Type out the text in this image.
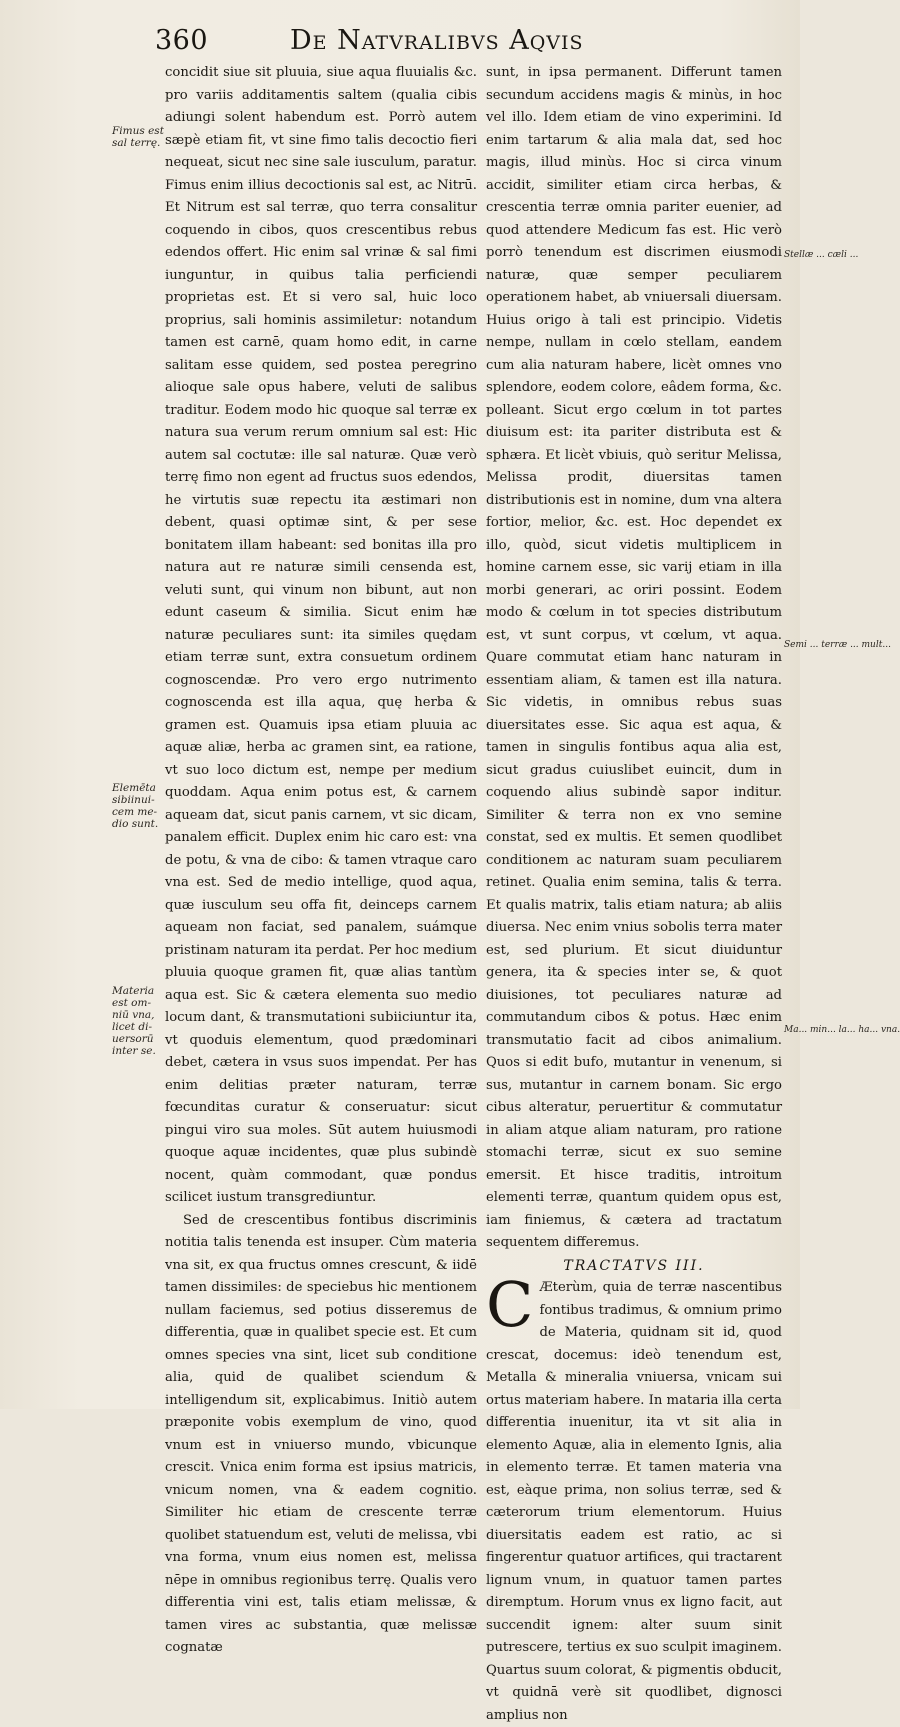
360	De Natvralibvs Aqvis
Fimus est sal terrę.
Elemēta sibiinui- cem me- dio sunt.
Materia est om- niū vna, licet di- uersorū inter se.
Stellæ ... cæli ...
Semi ... terræ ... mult...
Ma... min... la... ha... vna.

concidit siue sit pluuia, siue aqua fluuialis &c. pro variis additamentis saltem (qualia cibis adiungi solent habendum est. Porrò autem sæpè etiam fit, vt sine fimo talis decoctio fieri nequeat, sicut nec sine sale iusculum, paratur. Fimus enim illius decoctionis sal est, ac Nitrū. Et Nitrum est sal terræ, quo terra consalitur coquendo in cibos, quos crescentibus rebus edendos offert. Hic enim sal vrinæ & sal fimi iunguntur, in quibus talia perficiendi proprietas est. Et si vero sal, huic loco proprius, sali hominis assimiletur: notandum tamen est carnē, quam homo edit, in carne salitam esse quidem, sed postea peregrino alioque sale opus habere, veluti de salibus traditur. Eodem modo hic quoque sal terræ ex natura sua verum rerum omnium sal est: Hic autem sal coctutæ: ille sal naturæ. Quæ verò terrę fimo non egent ad fructus suos edendos, he virtutis suæ repectu ita æstimari non debent, quasi optimæ sint, & per sese bonitatem illam habeant: sed bonitas illa pro natura aut re naturæ simili censenda est, veluti sunt, qui vinum non bibunt, aut non edunt caseum & similia. Sicut enim hæ naturæ peculiares sunt: ita similes quędam etiam terræ sunt, extra consuetum ordinem cognoscendæ. Pro vero ergo nutrimento cognoscenda est illa aqua, quę herba & gramen est. Quamuis ipsa etiam pluuia ac aquæ aliæ, herba ac gramen sint, ea ratione, vt suo loco dictum est, nempe per medium quoddam. Aqua enim potus est, & carnem aqueam dat, sicut panis carnem, vt sic dicam, panalem efficit. Duplex enim hic caro est: vna de potu, & vna de cibo: & tamen vtraque caro vna est. Sed de medio intellige, quod aqua, quæ iusculum seu offa fit, deinceps carnem aqueam non faciat, sed panalem, suámque pristinam naturam ita perdat. Per hoc medium pluuia quoque gramen fit, quæ alias tantùm aqua est. Sic & cætera elementa suo medio locum dant, & transmutationi subiiciuntur ita, vt quoduis elementum, quod prædominari debet, cætera in vsus suos impendat. Per has enim delitias præter naturam, terræ fœcunditas curatur & conseruatur: sicut pingui viro sua moles. Sūt autem huiusmodi quoque aquæ incidentes, quæ plus subindè nocent, quàm commodant, quæ pondus scilicet iustum transgrediuntur.

Sed de crescentibus fontibus discriminis notitia talis tenenda est insuper. Cùm materia vna sit, ex qua fructus omnes crescunt, & iidē tamen dissimiles: de speciebus hic mentionem nullam faciemus, sed potius disseremus de differentia, quæ in qualibet specie est. Et cum omnes species vna sint, licet sub conditione alia, quid de qualibet sciendum & intelligendum sit, explicabimus. Initiò autem præponite vobis exemplum de vino, quod vnum est in vniuerso mundo, vbicunque crescit. Vnica enim forma est ipsius matricis, vnicum nomen, vna & eadem cognitio. Similiter hic etiam de crescente terræ quolibet statuendum est, veluti de melissa, vbi vna forma, vnum eius nomen est, melissa nēpe in omnibus regionibus terrę. Qualis vero differentia vini est, talis etiam melissæ, & tamen vires ac substantia, quæ melissæ cognatæ

sunt, in ipsa permanent. Differunt tamen secundum accidens magis & minùs, in hoc vel illo. Idem etiam de vino experimini. Id enim tartarum & alia mala dat, sed hoc magis, illud minùs. Hoc si circa vinum accidit, similiter etiam circa herbas, & crescentia terræ omnia pariter euenier, ad quod attendere Medicum fas est. Hic verò porrò tenendum est discrimen eiusmodi naturæ, quæ semper peculiarem operationem habet, ab vniuersali diuersam. Huius origo à tali est principio. Videtis nempe, nullam in cœlo stellam, eandem cum alia naturam habere, licèt omnes vno splendore, eodem colore, eâdem forma, &c. polleant. Sicut ergo cœlum in tot partes diuisum est: ita pariter distributa est & sphæra. Et licèt vbiuis, quò seritur Melissa, Melissa prodit, diuersitas tamen distributionis est in nomine, dum vna altera fortior, melior, &c. est. Hoc dependet ex illo, quòd, sicut videtis multiplicem in homine carnem esse, sic varij etiam in illa morbi generari, ac oriri possint. Eodem modo & cœlum in tot species distributum est, vt sunt corpus, vt cœlum, vt aqua. Quare commutat etiam hanc naturam in essentiam aliam, & tamen est illa natura. Sic videtis, in omnibus rebus suas diuersitates esse. Sic aqua est aqua, & tamen in singulis fontibus aqua alia est, sicut gradus cuiuslibet euincit, dum in coquendo alius subindè sapor inditur. Similiter & terra non ex vno semine constat, sed ex multis. Et semen quodlibet conditionem ac naturam suam peculiarem retinet. Qualia enim semina, talis & terra. Et qualis matrix, talis etiam natura; ab aliis diuersa. Nec enim vnius sobolis terra mater est, sed plurium. Et sicut diuiduntur genera, ita & species inter se, & quot diuisiones, tot peculiares naturæ ad commutandum cibos & potus. Hæc enim transmutatio facit ad cibos animalium. Quos si edit bufo, mutantur in venenum, si sus, mutantur in carnem bonam. Sic ergo cibus alteratur, peruertitur & commutatur in aliam atque aliam naturam, pro ratione stomachi terræ, sicut ex suo semine emersit. Et hisce traditis, introitum elementi terræ, quantum quidem opus est, iam finiemus, & cætera ad tractatum sequentem differemus.

TRACTATVS III.

C Æterùm, quia de terræ nascentibus fontibus tradimus, & omnium primo de Materia, quidnam sit id, quod crescat, docemus: ideò tenendum est, Metalla & mineralia vniuersa, vnicam sui ortus materiam habere. In mataria illa certa differentia inuenitur, ita vt sit alia in elemento Aquæ, alia in elemento Ignis, alia in elemento terræ. Et tamen materia vna est, eàque prima, non solius terræ, sed & cæterorum trium elementorum. Huius diuersitatis eadem est ratio, ac si fingerentur quatuor artifices, qui tractarent lignum vnum, in quatuor tamen partes diremptum. Horum vnus ex ligno facit, aut succendit ignem: alter suum sinit putrescere, tertius ex suo sculpit imaginem. Quartus suum colorat, & pigmentis obducit, vt quidnā verè sit quodlibet, dignosci amplius non
